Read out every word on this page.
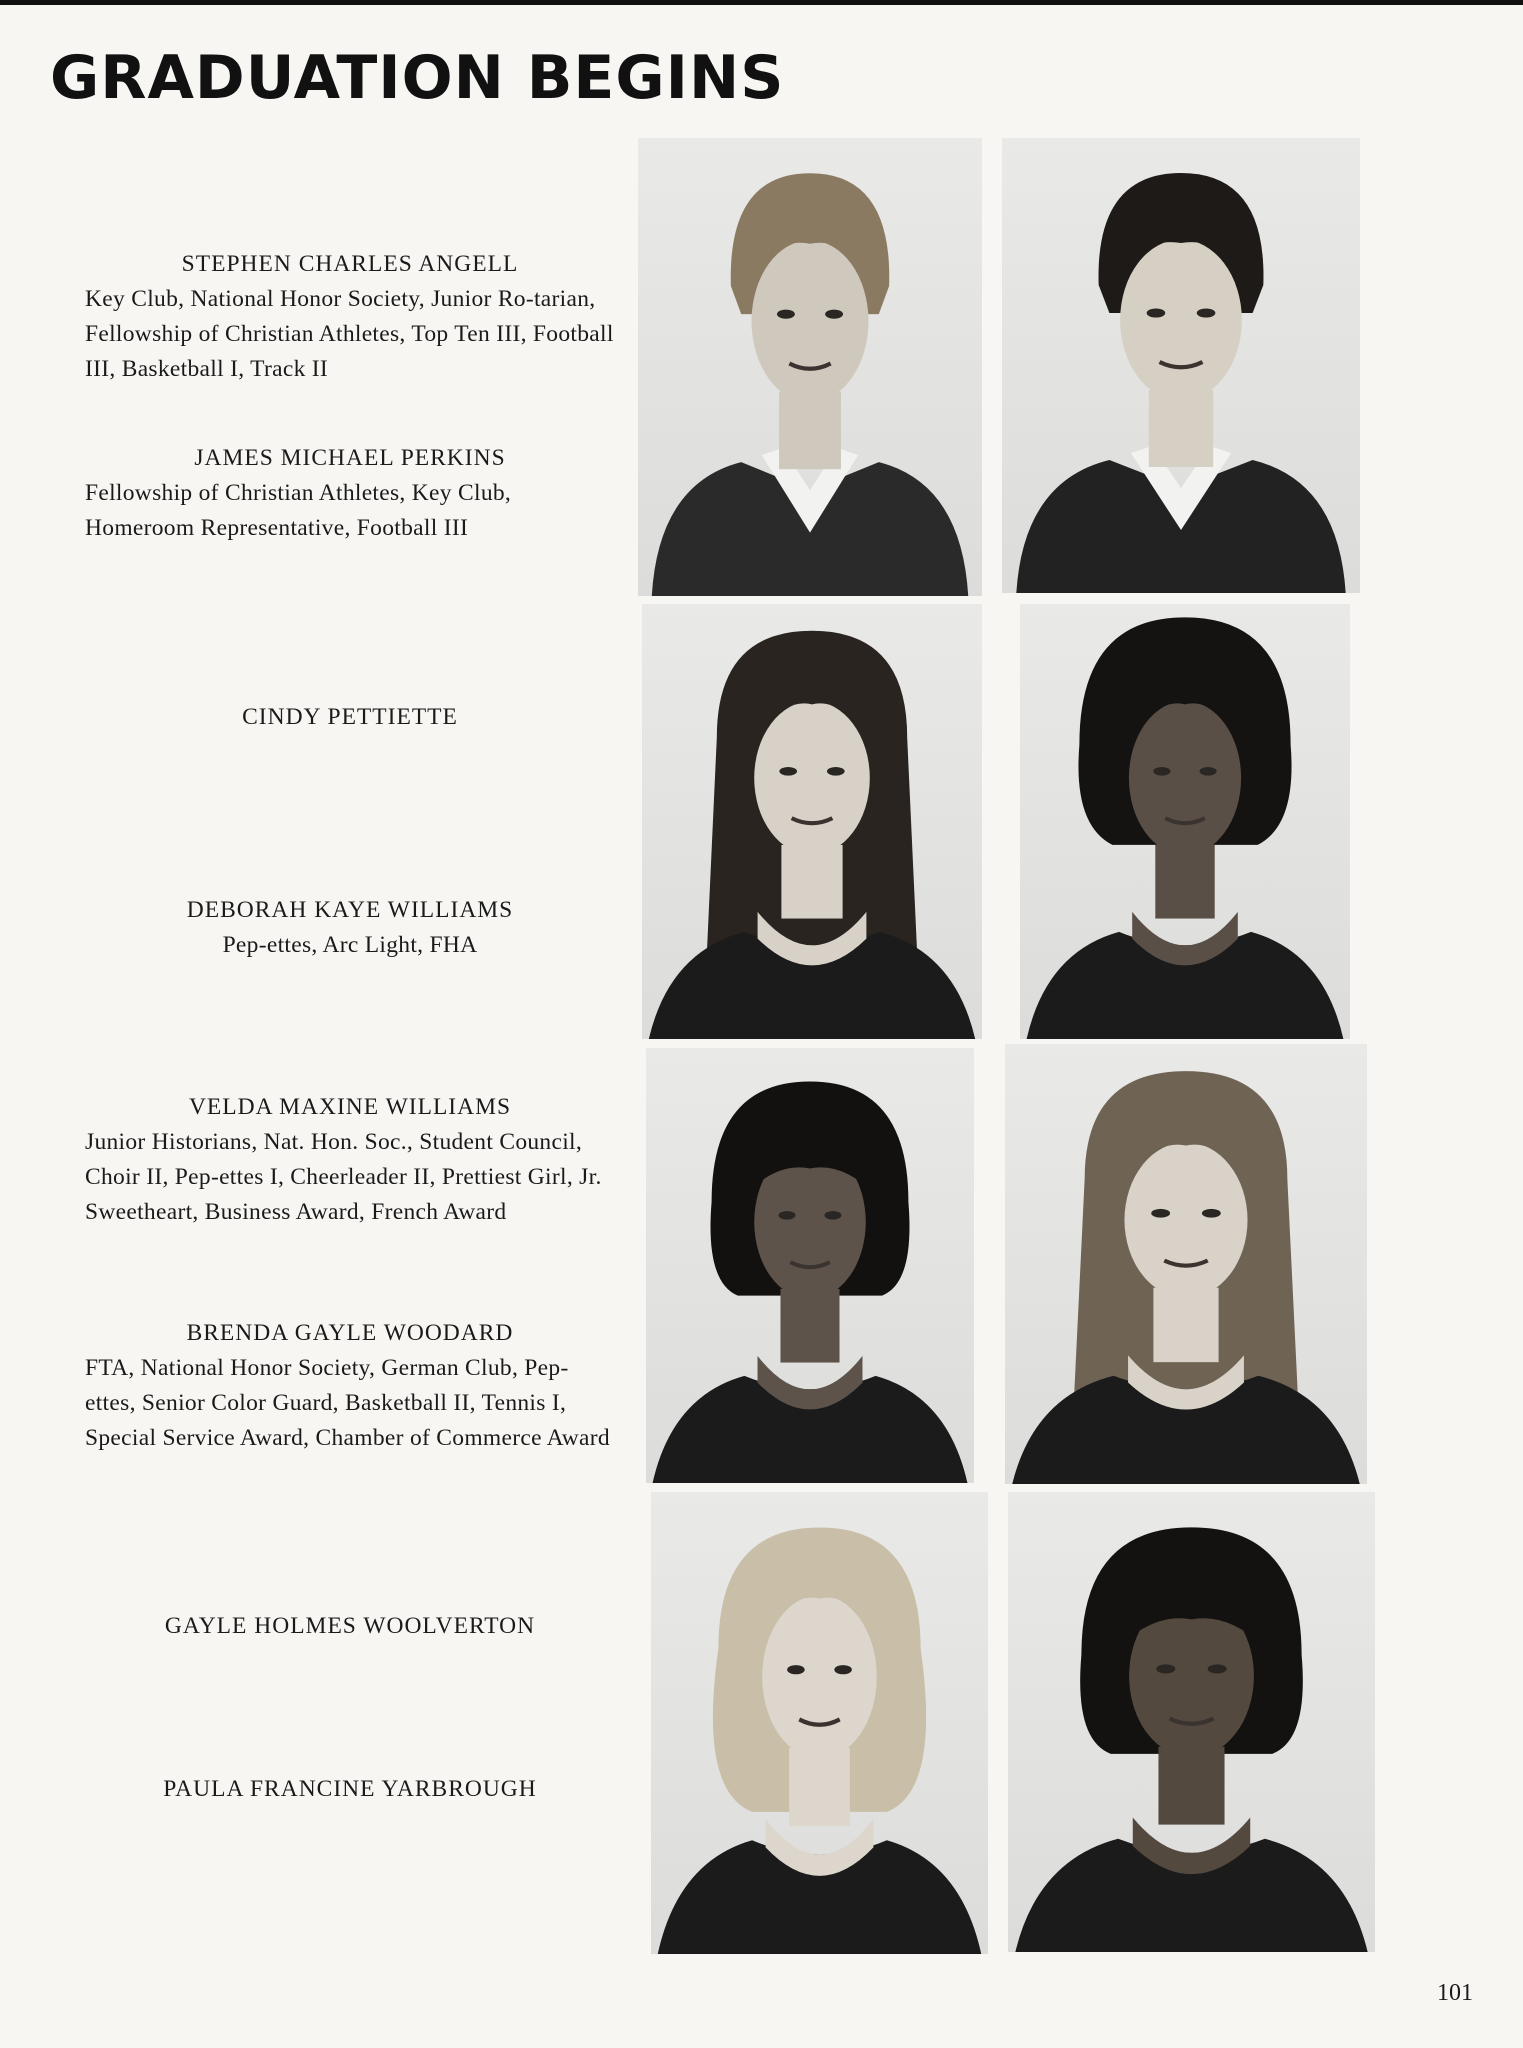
GRADUATION BEGINS
STEPHEN CHARLES ANGELL
Key Club, National Honor Society, Junior Ro-tarian, Fellowship of Christian Athletes, Top Ten III, Football III, Basketball I, Track II
JAMES MICHAEL PERKINS
Fellowship of Christian Athletes, Key Club, Homeroom Representative, Football III
CINDY PETTIETTE
DEBORAH KAYE WILLIAMS
Pep-ettes, Arc Light, FHA
VELDA MAXINE WILLIAMS
Junior Historians, Nat. Hon. Soc., Student Council, Choir II, Pep-ettes I, Cheerleader II, Prettiest Girl, Jr. Sweetheart, Business Award, French Award
BRENDA GAYLE WOODARD
FTA, National Honor Society, German Club, Pep-ettes, Senior Color Guard, Basketball II, Tennis I, Special Service Award, Chamber of Commerce Award
GAYLE HOLMES WOOLVERTON
PAULA FRANCINE YARBROUGH
101
